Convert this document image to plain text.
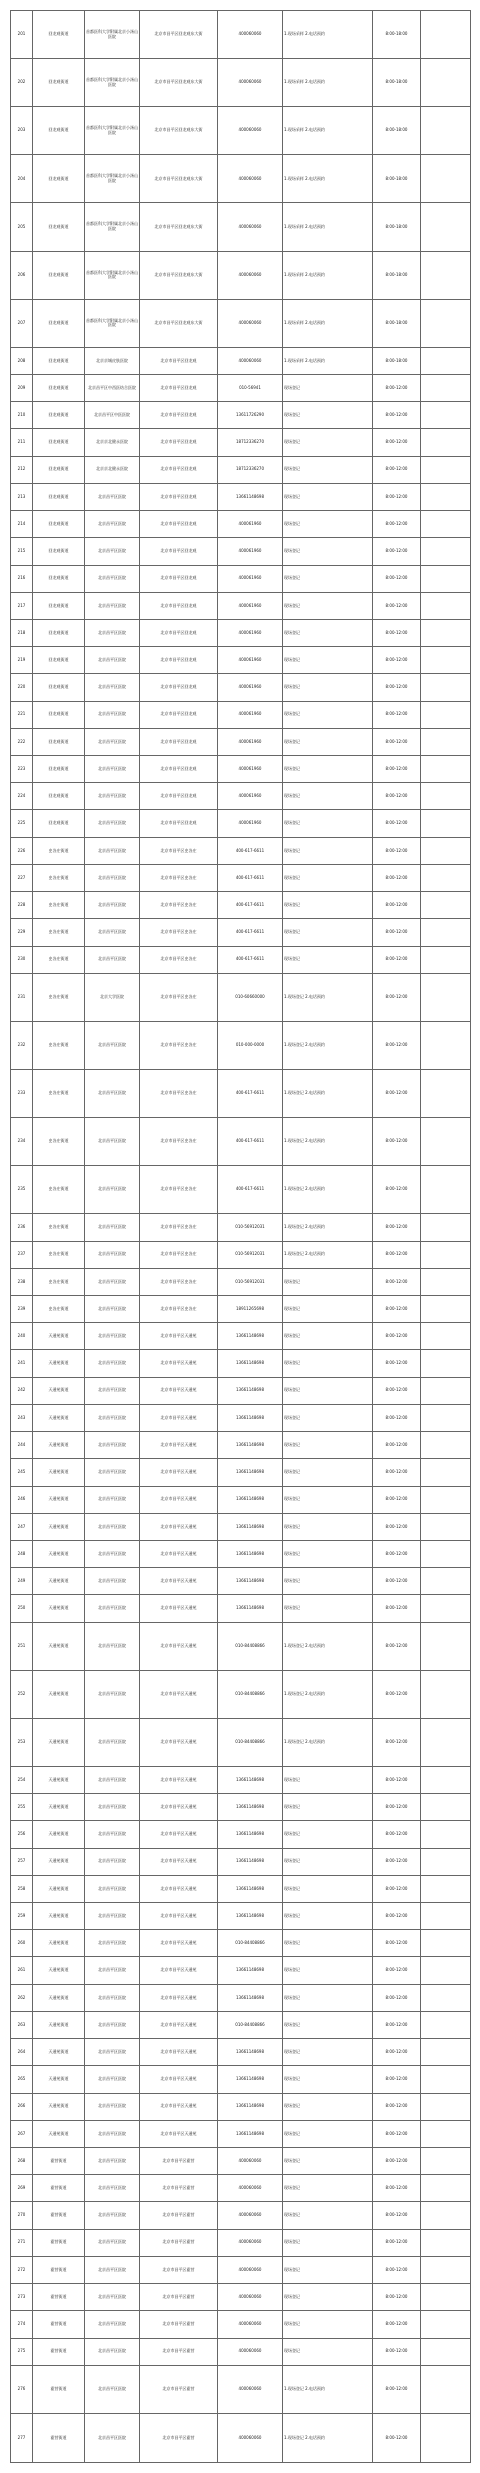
201	回龙观街道	首都医科大学附属北京小汤山医院	北京市昌平区回龙观东大街	400060060	1.现场采样 2.电话预约	8:00-18:00	
202	回龙观街道	首都医科大学附属北京小汤山医院	北京市昌平区回龙观东大街	400060060	1.现场采样 2.电话预约	8:00-18:00	
203	回龙观街道	首都医科大学附属北京小汤山医院	北京市昌平区回龙观东大街	400060060	1.现场采样 2.电话预约	8:00-18:00	
204	回龙观街道	首都医科大学附属北京小汤山医院	北京市昌平区回龙观东大街	400060060	1.现场采样 2.电话预约	8:00-18:00	
205	回龙观街道	首都医科大学附属北京小汤山医院	北京市昌平区回龙观东大街	400060060	1.现场采样 2.电话预约	8:00-18:00	
206	回龙观街道	首都医科大学附属北京小汤山医院	北京市昌平区回龙观东大街	400060060	1.现场采样 2.电话预约	8:00-18:00	
207	回龙观街道	首都医科大学附属北京小汤山医院	北京市昌平区回龙观东大街	400060060	1.现场采样 2.电话预约	8:00-18:00	
208	回龙观街道	北京京城皮肤医院	北京市昌平区回龙观	400060060	1.现场采样 2.电话预约	8:00-18:00	
209	回龙观街道	北京昌平区中西医结合医院	北京市昌平区回龙观	010-56941	现场登记	8:00-12:00	
210	回龙观街道	北京昌平区中医医院	北京市昌平区回龙观	13611726290	现场登记	8:00-12:00	
211	回龙观街道	北京京北健永医院	北京市昌平区回龙观	18712336270	现场登记	8:00-12:00	
212	回龙观街道	北京京北健永医院	北京市昌平区回龙观	18712336270	现场登记	8:00-12:00	
213	回龙观街道	北京昌平区医院	北京市昌平区回龙观	13661148698	现场登记	8:00-12:00	
214	回龙观街道	北京昌平区医院	北京市昌平区回龙观	400061960	现场登记	8:00-12:00	
215	回龙观街道	北京昌平区医院	北京市昌平区回龙观	400061960	现场登记	8:00-12:00	
216	回龙观街道	北京昌平区医院	北京市昌平区回龙观	400061960	现场登记	8:00-12:00	
217	回龙观街道	北京昌平区医院	北京市昌平区回龙观	400061960	现场登记	8:00-12:00	
218	回龙观街道	北京昌平区医院	北京市昌平区回龙观	400061960	现场登记	8:00-12:00	
219	回龙观街道	北京昌平区医院	北京市昌平区回龙观	400061960	现场登记	8:00-12:00	
220	回龙观街道	北京昌平区医院	北京市昌平区回龙观	400061960	现场登记	8:00-12:00	
221	回龙观街道	北京昌平区医院	北京市昌平区回龙观	400061960	现场登记	8:00-12:00	
222	回龙观街道	北京昌平区医院	北京市昌平区回龙观	400061960	现场登记	8:00-12:00	
223	回龙观街道	北京昌平区医院	北京市昌平区回龙观	400061960	现场登记	8:00-12:00	
224	回龙观街道	北京昌平区医院	北京市昌平区回龙观	400061960	现场登记	8:00-12:00	
225	回龙观街道	北京昌平区医院	北京市昌平区回龙观	400061960	现场登记	8:00-12:00	
226	史各庄街道	北京昌平区医院	北京市昌平区史各庄	400-617-6611	现场登记	8:00-12:00	
227	史各庄街道	北京昌平区医院	北京市昌平区史各庄	400-617-6611	现场登记	8:00-12:00	
228	史各庄街道	北京昌平区医院	北京市昌平区史各庄	400-617-6611	现场登记	8:00-12:00	
229	史各庄街道	北京昌平区医院	北京市昌平区史各庄	400-617-6611	现场登记	8:00-12:00	
230	史各庄街道	北京昌平区医院	北京市昌平区史各庄	400-617-6611	现场登记	8:00-12:00	
231	史各庄街道	北京大学医院	北京市昌平区史各庄	010-60660000	1.现场登记 2.电话预约	8:00-12:00	
232	史各庄街道	北京昌平区医院	北京市昌平区史各庄	010-000-0000	1.现场登记 2.电话预约	8:00-12:00	
233	史各庄街道	北京昌平区医院	北京市昌平区史各庄	400-617-6611	1.现场登记 2.电话预约	8:00-12:00	
234	史各庄街道	北京昌平区医院	北京市昌平区史各庄	400-617-6611	1.现场登记 2.电话预约	8:00-12:00	
235	史各庄街道	北京昌平区医院	北京市昌平区史各庄	400-617-6611	1.现场登记 2.电话预约	8:00-12:00	
236	史各庄街道	北京昌平区医院	北京市昌平区史各庄	010-56912031	1.现场登记 2.电话预约	8:00-12:00	
237	史各庄街道	北京昌平区医院	北京市昌平区史各庄	010-56912031	1.现场登记 2.电话预约	8:00-12:00	
238	史各庄街道	北京昌平区医院	北京市昌平区史各庄	010-56912031	现场登记	8:00-12:00	
239	史各庄街道	北京昌平区医院	北京市昌平区史各庄	18911265698	现场登记	8:00-12:00	
240	天通苑街道	北京昌平区医院	北京市昌平区天通苑	13661148698	现场登记	8:00-12:00	
241	天通苑街道	北京昌平区医院	北京市昌平区天通苑	13661148698	现场登记	8:00-12:00	
242	天通苑街道	北京昌平区医院	北京市昌平区天通苑	13661148698	现场登记	8:00-12:00	
243	天通苑街道	北京昌平区医院	北京市昌平区天通苑	13661148698	现场登记	8:00-12:00	
244	天通苑街道	北京昌平区医院	北京市昌平区天通苑	13661148698	现场登记	8:00-12:00	
245	天通苑街道	北京昌平区医院	北京市昌平区天通苑	13661148698	现场登记	8:00-12:00	
246	天通苑街道	北京昌平区医院	北京市昌平区天通苑	13661148698	现场登记	8:00-12:00	
247	天通苑街道	北京昌平区医院	北京市昌平区天通苑	13661148698	现场登记	8:00-12:00	
248	天通苑街道	北京昌平区医院	北京市昌平区天通苑	13661148698	现场登记	8:00-12:00	
249	天通苑街道	北京昌平区医院	北京市昌平区天通苑	13661148698	现场登记	8:00-12:00	
250	天通苑街道	北京昌平区医院	北京市昌平区天通苑	13661148698	现场登记	8:00-12:00	
251	天通苑街道	北京昌平区医院	北京市昌平区天通苑	010-84408866	1.现场登记 2.电话预约	8:00-12:00	
252	天通苑街道	北京昌平区医院	北京市昌平区天通苑	010-84408866	1.现场登记 2.电话预约	8:00-12:00	
253	天通苑街道	北京昌平区医院	北京市昌平区天通苑	010-84408866	1.现场登记 2.电话预约	8:00-12:00	
254	天通苑街道	北京昌平区医院	北京市昌平区天通苑	13661148698	现场登记	8:00-12:00	
255	天通苑街道	北京昌平区医院	北京市昌平区天通苑	13661148698	现场登记	8:00-12:00	
256	天通苑街道	北京昌平区医院	北京市昌平区天通苑	13661148698	现场登记	8:00-12:00	
257	天通苑街道	北京昌平区医院	北京市昌平区天通苑	13661148698	现场登记	8:00-12:00	
258	天通苑街道	北京昌平区医院	北京市昌平区天通苑	13661148698	现场登记	8:00-12:00	
259	天通苑街道	北京昌平区医院	北京市昌平区天通苑	13661148698	现场登记	8:00-12:00	
260	天通苑街道	北京昌平区医院	北京市昌平区天通苑	010-84408866	现场登记	8:00-12:00	
261	天通苑街道	北京昌平区医院	北京市昌平区天通苑	13661148698	现场登记	8:00-12:00	
262	天通苑街道	北京昌平区医院	北京市昌平区天通苑	13661148698	现场登记	8:00-12:00	
263	天通苑街道	北京昌平区医院	北京市昌平区天通苑	010-84408866	现场登记	8:00-12:00	
264	天通苑街道	北京昌平区医院	北京市昌平区天通苑	13661148698	现场登记	8:00-12:00	
265	天通苑街道	北京昌平区医院	北京市昌平区天通苑	13661148698	现场登记	8:00-12:00	
266	天通苑街道	北京昌平区医院	北京市昌平区天通苑	13661148698	现场登记	8:00-12:00	
267	天通苑街道	北京昌平区医院	北京市昌平区天通苑	13661148698	现场登记	8:00-12:00	
268	霍营街道	北京昌平区医院	北京市昌平区霍营	400060060	现场登记	8:00-12:00	
269	霍营街道	北京昌平区医院	北京市昌平区霍营	400060060	现场登记	8:00-12:00	
270	霍营街道	北京昌平区医院	北京市昌平区霍营	400060060	现场登记	8:00-12:00	
271	霍营街道	北京昌平区医院	北京市昌平区霍营	400060060	现场登记	8:00-12:00	
272	霍营街道	北京昌平区医院	北京市昌平区霍营	400060060	现场登记	8:00-12:00	
273	霍营街道	北京昌平区医院	北京市昌平区霍营	400060060	现场登记	8:00-12:00	
274	霍营街道	北京昌平区医院	北京市昌平区霍营	400060060	现场登记	8:00-12:00	
275	霍营街道	北京昌平区医院	北京市昌平区霍营	400060060	现场登记	8:00-12:00	
276	霍营街道	北京昌平区医院	北京市昌平区霍营	400060060	1.现场登记 2.电话预约	8:00-12:00	
277	霍营街道	北京昌平区医院	北京市昌平区霍营	400060060	1.现场登记 2.电话预约	8:00-12:00	
